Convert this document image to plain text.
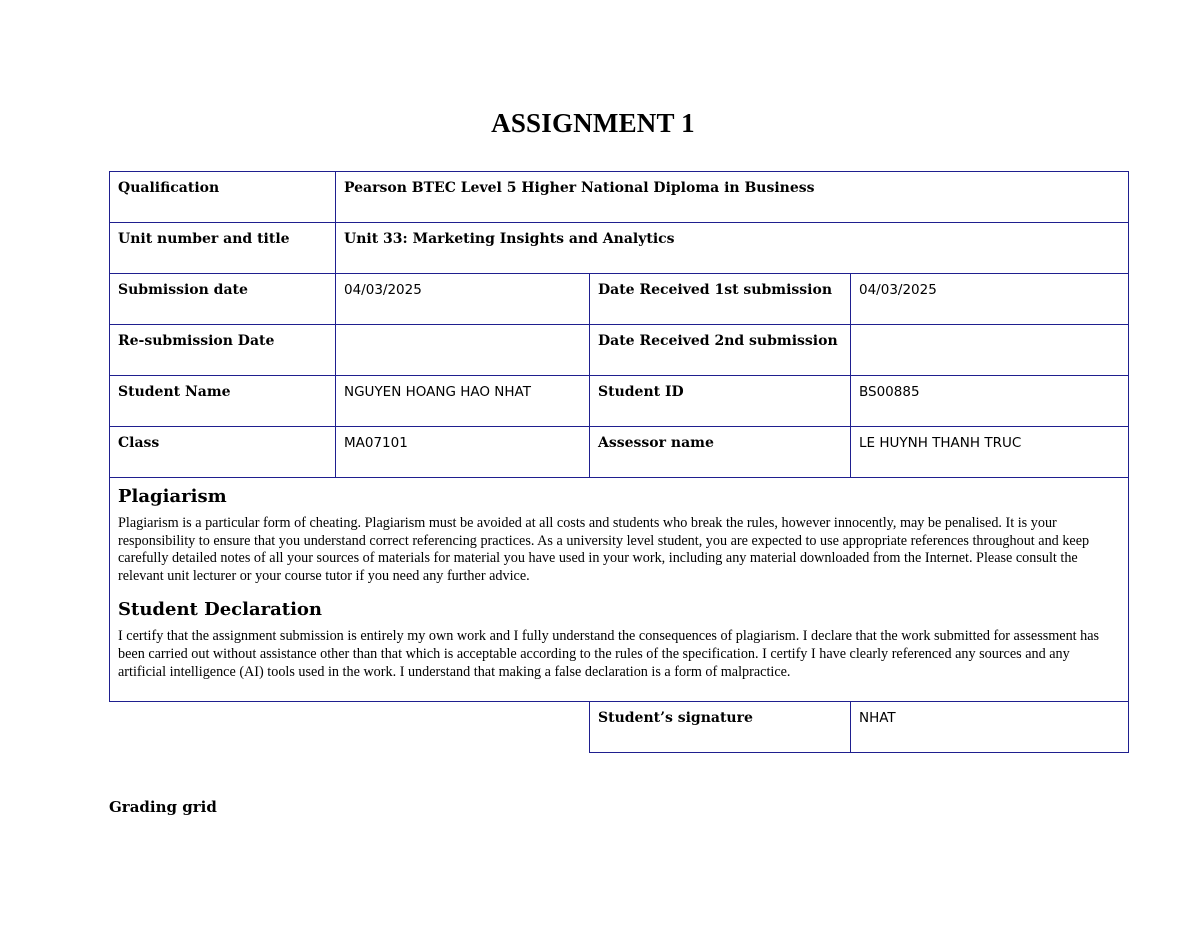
ASSIGNMENT 1
Qualification	Pearson BTEC Level 5 Higher National Diploma in Business		
Unit number and title	Unit 33: Marketing Insights and Analytics		
Submission date	04/03/2025	Date Received 1st submission	04/03/2025
Re-submission Date		Date Received 2nd submission	
Student Name	NGUYEN HOANG HAO NHAT	Student ID	BS00885
Class	MA07101	Assessor name	LE HUYNH THANH TRUC

Plagiarism

Plagiarism is a particular form of cheating. Plagiarism must be avoided at all costs and students who break the rules, however innocently, may be penalised. It is your responsibility to ensure that you understand correct referencing practices. As a university level student, you are expected to use appropriate references throughout and keep carefully detailed notes of all your sources of materials for material you have used in your work, including any material downloaded from the Internet. Please consult the relevant unit lecturer or your course tutor if you need any further advice.

Student Declaration

I certify that the assignment submission is entirely my own work and I fully understand the consequences of plagiarism. I declare that the work submitted for assessment has been carried out without assistance other than that which is acceptable according to the rules of the specification. I certify I have clearly referenced any sources and any artificial intelligence (AI) tools used in the work. I understand that making a false declaration is a form of malpractice.			

		Student’s signature	NHAT
Grading grid
